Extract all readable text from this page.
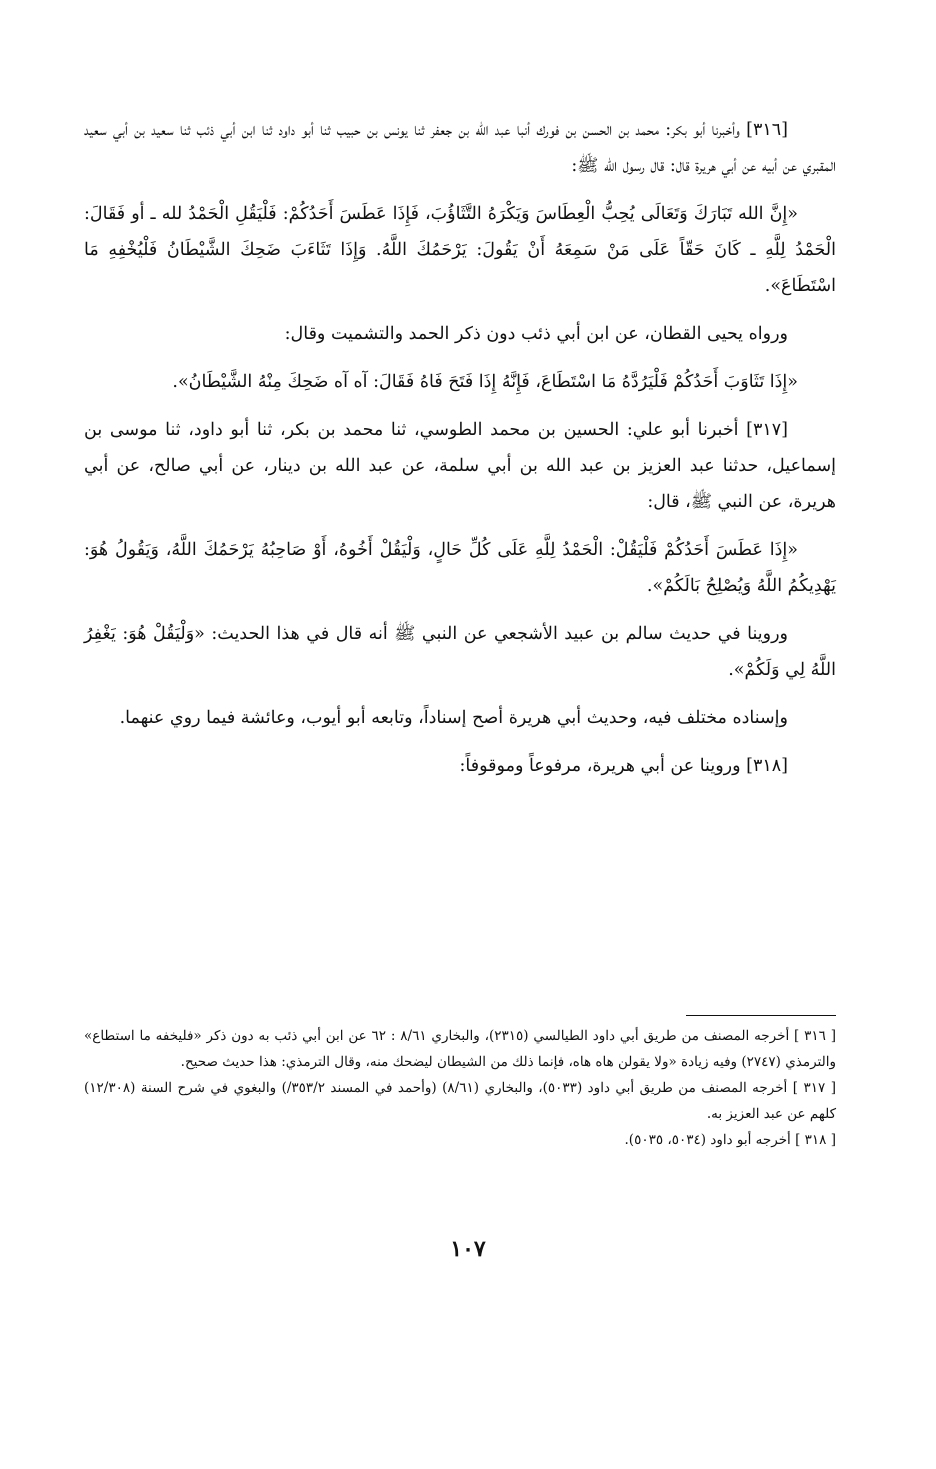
[٣١٦] وأخبرنا أبو بكر: محمد بن الحسن بن فورك أنبا عبد الله بن جعفر ثنا يونس بن حبيب ثنا أبو داود ثنا ابن أبي ذئب ثنا سعيد بن أبي سعيد المقبري عن أبيه عن أبي هريرة قال: قال رسول الله ﷺ:

«إِنَّ الله تَبَارَكَ وَتَعَالَى يُحِبُّ الْعِطَاسَ وَيَكْرَهُ التَّثَاؤُبَ، فَإِذَا عَطَسَ أَحَدُكُمْ: فَلْيَقُلِ الْحَمْدُ لله ـ أو فَقَالَ: الْحَمْدُ لِلَّهِ ـ كَانَ حَقّاً عَلَى مَنْ سَمِعَهُ أَنْ يَقُولَ: يَرْحَمُكَ اللَّهُ. وَإِذَا تَثَاءَبَ ضَحِكَ الشَّيْطَانُ فَلْيُخْفِهِ مَا اسْتَطَاعَ».

ورواه يحيى القطان، عن ابن أبي ذئب دون ذكر الحمد والتشميت وقال:

«إِذَا تَثَاوَبَ أَحَدُكُمْ فَلْيَرُدَّهُ مَا اسْتَطَاعَ، فَإِنَّهُ إِذَا فَتَحَ فَاهُ فَقَالَ: آه آه ضَحِكَ مِنْهُ الشَّيْطَانُ».

[٣١٧] أخبرنا أبو علي: الحسين بن محمد الطوسي، ثنا محمد بن بكر، ثنا أبو داود، ثنا موسى بن إسماعيل، حدثنا عبد العزيز بن عبد الله بن أبي سلمة، عن عبد الله بن دينار، عن أبي صالح، عن أبي هريرة، عن النبي ﷺ، قال:

«إِذَا عَطَسَ أَحَدُكُمْ فَلْيَقُلْ: الْحَمْدُ لِلَّهِ عَلَى كُلِّ حَالٍ، وَلْيَقُلْ أَخُوهُ، أَوْ صَاحِبُهُ يَرْحَمُكَ اللَّهُ، وَيَقُولُ هُوَ: يَهْدِيكُمُ اللَّهُ وَيُصْلِحُ بَالَكُمْ».

وروينا في حديث سالم بن عبيد الأشجعي عن النبي ﷺ أنه قال في هذا الحديث: «وَلْيَقُلْ هُوَ: يَغْفِرُ اللَّهُ لِي وَلَكُمْ».

وإسناده مختلف فيه، وحديث أبي هريرة أصح إسناداً، وتابعه أبو أيوب، وعائشة فيما روي عنهما.

[٣١٨] وروينا عن أبي هريرة، مرفوعاً وموقوفاً:

[ ٣١٦ ] أخرجه المصنف من طريق أبي داود الطيالسي (٢٣١٥)، والبخاري ٨/٦١ : ٦٢ عن ابن أبي ذئب به دون ذكر «فليخفه ما استطاع» والترمذي (٢٧٤٧) وفيه زيادة «ولا يقولن هاه هاه، فإنما ذلك من الشيطان ليضحك منه، وقال الترمذي: هذا حديث صحيح.

[ ٣١٧ ] أخرجه المصنف من طريق أبي داود (٥٠٣٣)، والبخاري (٨/٦١) (وأحمد في المسند ٣٥٣/٢/) والبغوي في شرح السنة (١٢/٣٠٨) كلهم عن عبد العزيز به.

[ ٣١٨ ] أخرجه أبو داود (٥٠٣٤، ٥٠٣٥).

١٠٧
